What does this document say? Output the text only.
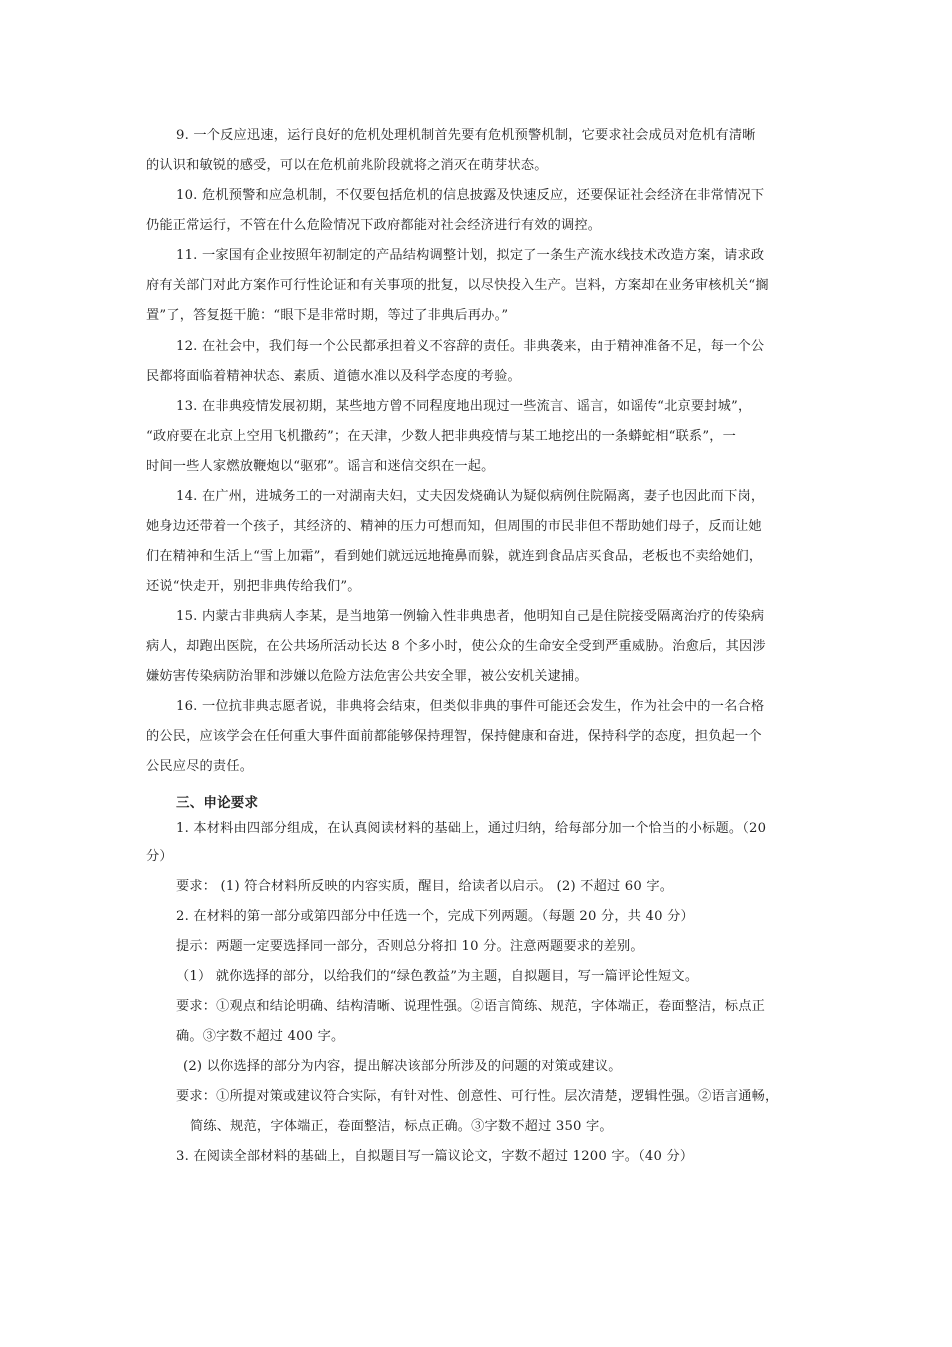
9. 一个反应迅速，运行良好的危机处理机制首先要有危机预警机制，它要求社会成员对危机有清晰

的认识和敏锐的感受，可以在危机前兆阶段就将之消灭在萌芽状态。

10. 危机预警和应急机制，不仅要包括危机的信息披露及快速反应，还要保证社会经济在非常情况下

仍能正常运行，不管在什么危险情况下政府都能对社会经济进行有效的调控。

11. 一家国有企业按照年初制定的产品结构调整计划，拟定了一条生产流水线技术改造方案，请求政

府有关部门对此方案作可行性论证和有关事项的批复，以尽快投入生产。岂料，方案却在业务审核机关“搁

置”了，答复挺干脆：“眼下是非常时期，等过了非典后再办。”

12. 在社会中，我们每一个公民都承担着义不容辞的责任。非典袭来，由于精神准备不足，每一个公

民都将面临着精神状态、素质、道德水准以及科学态度的考验。

13. 在非典疫情发展初期，某些地方曾不同程度地出现过一些流言、谣言，如谣传“北京要封城”，

“政府要在北京上空用飞机撒药”；在天津，少数人把非典疫情与某工地挖出的一条蟒蛇相“联系”，一

时间一些人家燃放鞭炮以“驱邪”。谣言和迷信交织在一起。

14. 在广州，进城务工的一对湖南夫妇，丈夫因发烧确认为疑似病例住院隔离，妻子也因此而下岗，

她身边还带着一个孩子，其经济的、精神的压力可想而知，但周围的市民非但不帮助她们母子，反而让她

们在精神和生活上“雪上加霜”，看到她们就远远地掩鼻而躲，就连到食品店买食品，老板也不卖给她们，

还说“快走开，别把非典传给我们”。

15. 内蒙古非典病人李某，是当地第一例输入性非典患者，他明知自己是住院接受隔离治疗的传染病

病人，却跑出医院，在公共场所活动长达 8 个多小时，使公众的生命安全受到严重威胁。治愈后，其因涉

嫌妨害传染病防治罪和涉嫌以危险方法危害公共安全罪，被公安机关逮捕。

16. 一位抗非典志愿者说，非典将会结束，但类似非典的事件可能还会发生，作为社会中的一名合格

的公民，应该学会在任何重大事件面前都能够保持理智，保持健康和奋进，保持科学的态度，担负起一个

公民应尽的责任。

三、申论要求

1. 本材料由四部分组成，在认真阅读材料的基础上，通过归纳，给每部分加一个恰当的小标题。（20

分）

要求： (1) 符合材料所反映的内容实质，醒目，给读者以启示。 (2) 不超过 60 字。

2. 在材料的第一部分或第四部分中任选一个，完成下列两题。（每题 20 分，共 40 分）

提示：两题一定要选择同一部分，否则总分将扣 10 分。注意两题要求的差别。

（1） 就你选择的部分，以给我们的“绿色教益”为主题，自拟题目，写一篇评论性短文。

要求：①观点和结论明确、结构清晰、说理性强。②语言简练、规范，字体端正，卷面整洁，标点正

确。③字数不超过 400 字。

(2) 以你选择的部分为内容，提出解决该部分所涉及的问题的对策或建议。

要求：①所提对策或建议符合实际，有针对性、创意性、可行性。层次清楚，逻辑性强。②语言通畅，

简练、规范，字体端正，卷面整洁，标点正确。③字数不超过 350 字。

3. 在阅读全部材料的基础上，自拟题目写一篇议论文，字数不超过 1200 字。（40 分）
